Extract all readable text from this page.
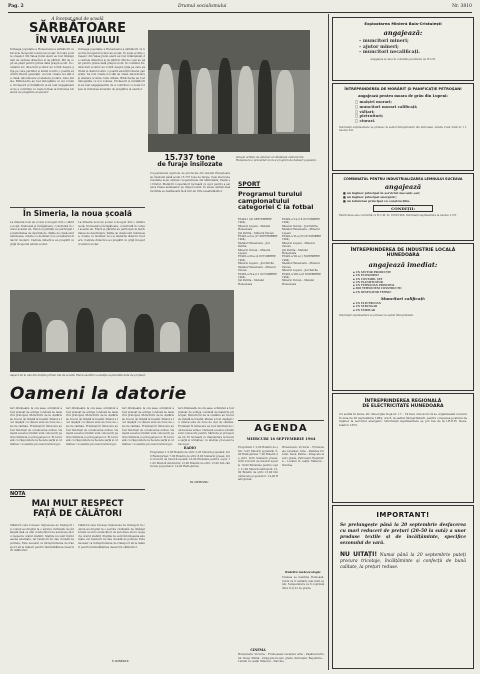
Pag. 2	Drumul socialismului	Nr. 3810
A început anul de școală
SĂRBĂTOARE
ÎN VALEA JIULUI
Întreaga populație a Hunedoarei a sărbătorit cu bucurie începutul noului an școlar. În toate școlile orașelor din Valea Jiului elevii au fost întâmpinați de cadrele didactice și de părinți. Mii de copii au pășit pentru prima dată pragul școlii. În cuvântul lor, directorii școlilor au vorbit despre grija pe care partidul și statul nostru o poartă educării tinerei generații. Au fost create noi săli de clasă, laboratoare și ateliere școlare, bine utilate. Bibliotecile au fost îmbogățite cu noi volume. Profesorii și învățătorii și-au luat angajamentul de a contribui cu toate forțele la ridicarea nivelului de pregătire al elevilor.
Întreaga populație a Hunedoarei a sărbătorit cu bucurie începutul noului an școlar. În toate școlile orașelor din Valea Jiului elevii au fost întâmpinați de cadrele didactice și de părinți. Mii de copii au pășit pentru prima dată pragul școlii. În cuvântul lor, directorii școlilor au vorbit despre grija pe care partidul și statul nostru o poartă educării tinerei generații. Au fost create noi săli de clasă, laboratoare și ateliere școlare, bine utilate. Bibliotecile au fost îmbogățite cu noi volume. Profesorii și învățătorii și-au luat angajamentul de a contribui cu toate forțele la ridicarea nivelului de pregătire al elevilor.
În Simeria, la noua școală
La Simeria noul an școlar a început într-o clădire nouă, frumoasă și încăpătoare, construită în cursul acestui an. Elevii și părinții au participat la festivitatea de deschidere. Sălile de clasă sunt luminoase, dotate cu mobilier nou și material didactic modern. Cadrele didactice au pregătit cu grijă începutul anului școlar.
La Simeria noul an școlar a început într-o clădire nouă, frumoasă și încăpătoare, construită în cursul acestui an. Elevii și părinții au participat la festivitatea de deschidere. Sălile de clasă sunt luminoase, dotate cu mobilier nou și material didactic modern. Cadrele didactice au pregătit cu grijă începutul anului școlar.
Aspect de la una din lecțiile primei zile de școală. Elevii ascultă cu atenție explicațiile date de profesor.
Oameni la datorie
Ieri dimineață, la ora șase, schimbul a fost preluat de echipa condusă de maistrul principal. Muncitorii de la oțelărie au trecut de îndată la treabă. Planul a fost depășit cu câteva sute de tone de oțel de calitate. Fruntașii în întrecere au fost felicitați de conducerea uzinei. Oamenii acestui schimb sunt cunoscuți pentru hărnicia și priceperea lor. Ei lucrează cu răspundere la fiecare șarjă și urmăresc cu atenție procesul tehnologic.
Ieri dimineață, la ora șase, schimbul a fost preluat de echipa condusă de maistrul principal. Muncitorii de la oțelărie au trecut de îndată la treabă. Planul a fost depășit cu câteva sute de tone de oțel de calitate. Fruntașii în întrecere au fost felicitați de conducerea uzinei. Oamenii acestui schimb sunt cunoscuți pentru hărnicia și priceperea lor. Ei lucrează cu răspundere la fiecare șarjă și urmăresc cu atenție procesul tehnologic.
Ieri dimineață, la ora șase, schimbul a fost preluat de echipa condusă de maistrul principal. Muncitorii de la oțelărie au trecut de îndată la treabă. Planul a fost depășit cu câteva sute de tone de oțel de calitate. Fruntașii în întrecere au fost felicitați de conducerea uzinei. Oamenii acestui schimb sunt cunoscuți pentru hărnicia și priceperea lor. Ei lucrează cu răspundere la fiecare șarjă și urmăresc cu atenție procesul tehnologic.
Ieri dimineață, la ora șase, schimbul a fost preluat de echipa condusă de maistrul principal. Muncitorii de la oțelărie au trecut de îndată la treabă. Planul a fost depășit cu câteva sute de tone de oțel de calitate. Fruntașii în întrecere au fost felicitați de conducerea uzinei. Oamenii acestui schimb sunt cunoscuți pentru hărnicia și priceperea lor. Ei lucrează cu răspundere la fiecare șarjă și urmăresc cu atenție procesul tehnologic.
M. OLTEANU
NOTA
MAI MULT RESPECT
FAȚĂ DE CĂLĂTORI
Călătorii care folosesc mijloacele de transport în comun au dreptul la o servire civilizată. Se întâmplă însă ca unii conducători de autobuze să nu respecte orarul stabilit. Stațiile nu sunt întotdeauna anunțate, iar taxatorii nu dau dovadă de politețe. Este necesar ca întreprinderea de transport să ia măsuri pentru îmbunătățirea deservirii călătorilor.
Călătorii care folosesc mijloacele de transport în comun au dreptul la o servire civilizată. Se întâmplă însă ca unii conducători de autobuze să nu respecte orarul stabilit. Stațiile nu sunt întotdeauna anunțate, iar taxatorii nu dau dovadă de politețe. Este necesar ca întreprinderea de transport să ia măsuri pentru îmbunătățirea deservirii călătorilor.
V. IONESCU
15.737 tone
de furaje însilozate
Cooperativele agricole de producție din raionul Hunedoara au însilozat până acum 15.737 tone de furaje. Cele mai bune rezultate le-au obținut cooperativele din Sântuhalm, Peștiș și Cristur. Membrii cooperatori lucrează cu spor pentru a asigura hrana animalelor pe timpul iernii. În unele unități însă lucrările se desfășoară încă într-un ritm nesatisfăcător.
Grupul artistic de amatori al căminului cultural din Hunedoara a prezentat un nou program de dansuri populare.
SPORT
Programul turului campionatului categoriei C la fotbal
ETAPA I (20 SEPTEMBRIE 1964)
Minerul Lupeni – Metalul Hunedoara
Jiul Petrila – Minerul Vulcan
ETAPA a II-a (27 SEPTEMBRIE 1964)
Metalul Hunedoara – Jiul Petrila
Minerul Vulcan – Minerul Lupeni
ETAPA a III-a (4 OCTOMBRIE 1964)
Minerul Lupeni – Jiul Petrila
Metalul Hunedoara – Minerul Vulcan
ETAPA a IV-a (11 OCTOMBRIE 1964)
Jiul Petrila – Metalul Hunedoara
ETAPA a V-a (18 OCTOMBRIE 1964)
Minerul Vulcan – Jiul Petrila
Metalul Hunedoara – Minerul Lupeni
ETAPA a VI-a (25 OCTOMBRIE 1964)
Minerul Lupeni – Minerul Vulcan
Jiul Petrila – Metalul Hunedoara
ETAPA a VII-a (1 NOIEMBRIE 1964)
Metalul Hunedoara – Minerul Vulcan
Minerul Lupeni – Jiul Petrila
ETAPA a VIII-a (8 NOIEMBRIE 1964)
Minerul Vulcan – Metalul Hunedoara
AGENDA
MIERCURI 16 SEPTEMBRIE 1964
RADIO
Programul I: 5,00 Buletin de știri; 5,05 Muzică populară; 6,00 Radiojurnal; 7,00 Buletin de știri; 8,00 Sumarul presei; 9,00 Concert de muzică ușoară; 10,00 Emisiune pentru copii; 11,00 Muzică simfonică; 12,00 Buletin de știri; 13,00 Din cântecele popoarelor; 14,00 Radiojurnal.
Programul I: 5,00 Buletin de știri; 5,05 Muzică populară; 6,00 Radiojurnal; 7,00 Buletin de știri; 8,00 Sumarul presei; 9,00 Concert de muzică ușoară; 10,00 Emisiune pentru copii; 11,00 Muzică simfonică; 12,00 Buletin de știri; 13,00 Din cântecele popoarelor; 14,00 Radiojurnal.
Hunedoara: Victoria – Frumoasele vacanței; Arta – Pasărea furtunii. Deva: Patria – Dragoste la zero grade. Petroșani: Republica – Lumini în ceață; Minerul – Darclée.
Buletin meteorologic
Vremea se menține frumoasă. Cerul va fi variabil, mai mult senin. Temperatura va fi cuprinsă între 8 și 22 de grade.
CINEMA
Hunedoara: Victoria – Frumoasele vacanței; Arta – Pasărea furtunii. Deva: Patria – Dragoste la zero grade. Petroșani: Republica – Lumini în ceață; Minerul – Darclée.
Exploatarea Minieră Baia-Cristuiești
angajează:
– muncitori mineri;
– ajutor mineri;
– muncitori necalificați.
Angajarea se face în condițiile prevăzute de H.C.M.
ÎNTREPRINDEREA DE MORĂRIT ȘI PANIFICAȚIE PETROȘANI
angajează pentru moara de grâu din Lupeni:
◻ maiștri morari;
◻ muncitori morari calificați;
◻ vălțari;
◻ pietruitori;
◻ ciurari.
Informații suplimentare se primesc la sediul întreprinderii din Petroșani, strada Cuza Vodă nr. 11, telefon 291.
COMBINATUL PENTRU INDUSTRIALIZAREA LEMNULUI SUCEAVA
angajează
■ un inginer principal în serviciul mecanic-șef;
■ un inginer principal energetic;
■ un tehnician principal cu construcțiile.
CONDIȚII:
Retribuirea este conformă cu H.C.M. nr. 1053/1960. Informații suplimentare la telefon 1170.
ÎNTREPRINDEREA DE INDUSTRIE LOCALĂ
HUNEDOARA
angajează imediat:
▪ UN SECTOR PRODUCȚIE
▪ UN ECONOMIST
▪ UN CONTABIL ȘEF
▪ UN PLANIFICATOR
▪ UN TEHNICIAN PRINCIPAL
▪ DOI TEHNICIENI CONSTRUCȚII
▪ UN DESENATOR TEHNIC
Muncitori calificați:
▪ UN ELECTRICIAN
▪ UN STRUNGAR
▪ UN TÂMPLAR
Informații suplimentare se primesc la sediul întreprinderii.
ÎNTREPRINDEREA REGIONALĂ
DE ELECTRICITATE HUNEDOARA
Cu sediul în Deva, str. Gheorghe Doja nr. 17 – 19 face cunoscut că se organizează concurs în ziua de 20 septembrie 1964, ora 8, la sediul întreprinderii, pentru ocuparea postului de inginer la serviciul energetic. Informații suplimentare se pot lua de la I.R.E.H. Deva, telefon 1355.
IMPORTANT!
Se prelungește până la 20 septembrie desfacerea cu mari reduceri de prețuri (20–50 la sută) a unor produse textile și de încălțăminte, specifice sezonului de vară.
NU UITAȚI! Numai până la 20 septembrie puteți procura tricotaje, încălțăminte și confecții de bună calitate, la prețuri reduse.
